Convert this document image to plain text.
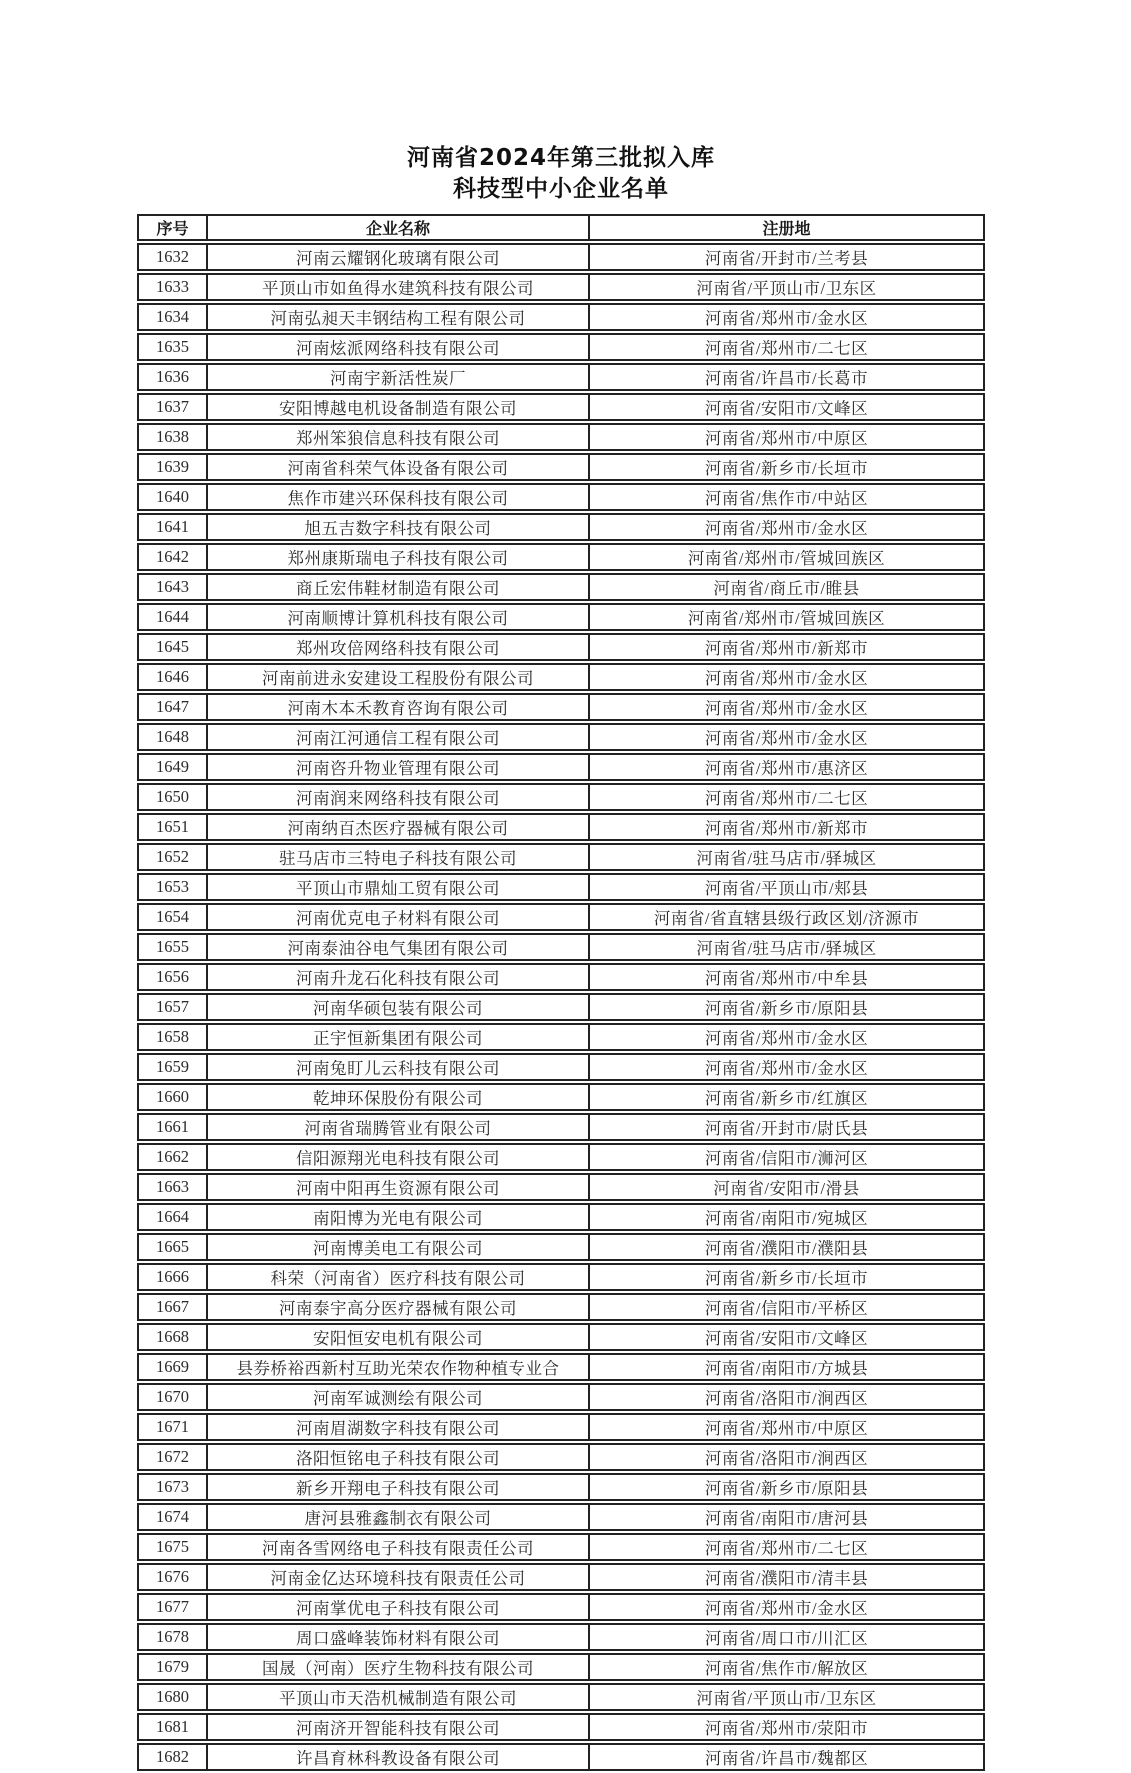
河南省2024年第三批拟入库
科技型中小企业名单
序号	企业名称	注册地
1632	河南云耀钢化玻璃有限公司	河南省/开封市/兰考县
1633	平顶山市如鱼得水建筑科技有限公司	河南省/平顶山市/卫东区
1634	河南弘昶天丰钢结构工程有限公司	河南省/郑州市/金水区
1635	河南炫派网络科技有限公司	河南省/郑州市/二七区
1636	河南宇新活性炭厂	河南省/许昌市/长葛市
1637	安阳博越电机设备制造有限公司	河南省/安阳市/文峰区
1638	郑州笨狼信息科技有限公司	河南省/郑州市/中原区
1639	河南省科荣气体设备有限公司	河南省/新乡市/长垣市
1640	焦作市建兴环保科技有限公司	河南省/焦作市/中站区
1641	旭五吉数字科技有限公司	河南省/郑州市/金水区
1642	郑州康斯瑞电子科技有限公司	河南省/郑州市/管城回族区
1643	商丘宏伟鞋材制造有限公司	河南省/商丘市/睢县
1644	河南顺博计算机科技有限公司	河南省/郑州市/管城回族区
1645	郑州攻倍网络科技有限公司	河南省/郑州市/新郑市
1646	河南前进永安建设工程股份有限公司	河南省/郑州市/金水区
1647	河南木本禾教育咨询有限公司	河南省/郑州市/金水区
1648	河南江河通信工程有限公司	河南省/郑州市/金水区
1649	河南咨升物业管理有限公司	河南省/郑州市/惠济区
1650	河南润来网络科技有限公司	河南省/郑州市/二七区
1651	河南纳百杰医疗器械有限公司	河南省/郑州市/新郑市
1652	驻马店市三特电子科技有限公司	河南省/驻马店市/驿城区
1653	平顶山市鼎灿工贸有限公司	河南省/平顶山市/郏县
1654	河南优克电子材料有限公司	河南省/省直辖县级行政区划/济源市
1655	河南泰油谷电气集团有限公司	河南省/驻马店市/驿城区
1656	河南升龙石化科技有限公司	河南省/郑州市/中牟县
1657	河南华硕包装有限公司	河南省/新乡市/原阳县
1658	正宇恒新集团有限公司	河南省/郑州市/金水区
1659	河南兔盯儿云科技有限公司	河南省/郑州市/金水区
1660	乾坤环保股份有限公司	河南省/新乡市/红旗区
1661	河南省瑞腾管业有限公司	河南省/开封市/尉氏县
1662	信阳源翔光电科技有限公司	河南省/信阳市/浉河区
1663	河南中阳再生资源有限公司	河南省/安阳市/滑县
1664	南阳博为光电有限公司	河南省/南阳市/宛城区
1665	河南博美电工有限公司	河南省/濮阳市/濮阳县
1666	科荣（河南省）医疗科技有限公司	河南省/新乡市/长垣市
1667	河南泰宇高分医疗器械有限公司	河南省/信阳市/平桥区
1668	安阳恒安电机有限公司	河南省/安阳市/文峰区
1669	县券桥裕西新村互助光荣农作物种植专业合	河南省/南阳市/方城县
1670	河南军诚测绘有限公司	河南省/洛阳市/涧西区
1671	河南眉湖数字科技有限公司	河南省/郑州市/中原区
1672	洛阳恒铭电子科技有限公司	河南省/洛阳市/涧西区
1673	新乡开翔电子科技有限公司	河南省/新乡市/原阳县
1674	唐河县雅鑫制衣有限公司	河南省/南阳市/唐河县
1675	河南各雪网络电子科技有限责任公司	河南省/郑州市/二七区
1676	河南金亿达环境科技有限责任公司	河南省/濮阳市/清丰县
1677	河南掌优电子科技有限公司	河南省/郑州市/金水区
1678	周口盛峰装饰材料有限公司	河南省/周口市/川汇区
1679	国晟（河南）医疗生物科技有限公司	河南省/焦作市/解放区
1680	平顶山市天浩机械制造有限公司	河南省/平顶山市/卫东区
1681	河南济开智能科技有限公司	河南省/郑州市/荥阳市
1682	许昌育林科教设备有限公司	河南省/许昌市/魏都区
